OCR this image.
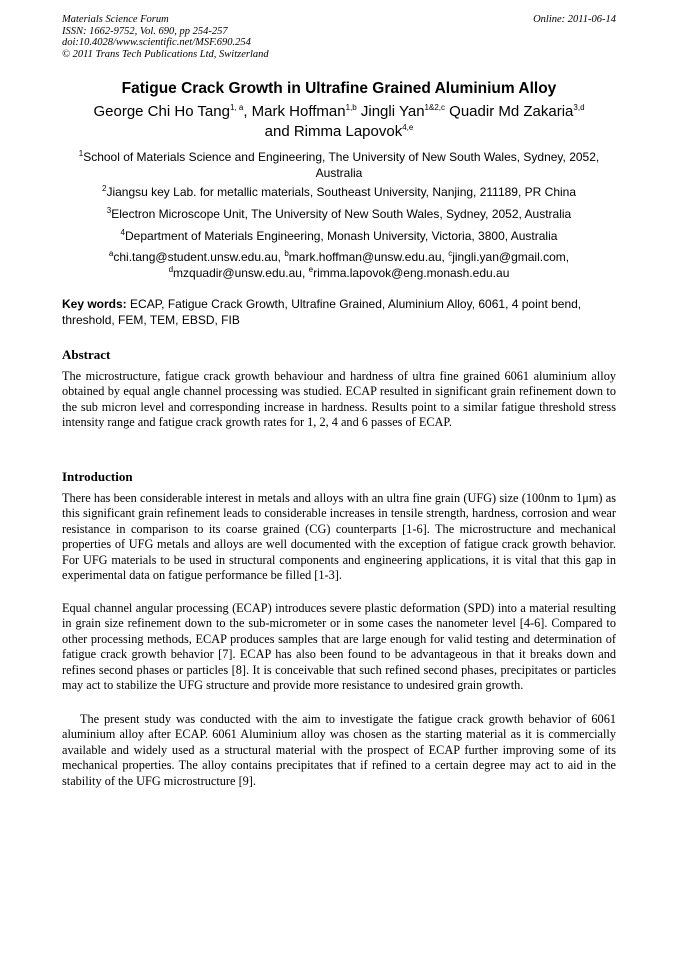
Materials Science Forum
ISSN: 1662-9752, Vol. 690, pp 254-257
doi:10.4028/www.scientific.net/MSF.690.254
© 2011 Trans Tech Publications Ltd, Switzerland
Online: 2011-06-14
Fatigue Crack Growth in Ultrafine Grained Aluminium Alloy
George Chi Ho Tang$^{1, a}$, Mark Hoffman$^{1,b}$ Jingli Yan$^{1\&2,c}$ Quadir Md Zakaria$^{3,d}$
and Rimma Lapovok$^{4,e}$
$^1$School of Materials Science and Engineering, The University of New South Wales, Sydney, 2052, Australia
$^2$Jiangsu key Lab. for metallic materials, Southeast University, Nanjing, 211189, PR China
$^3$Electron Microscope Unit, The University of New South Wales, Sydney, 2052, Australia
$^4$Department of Materials Engineering, Monash University, Victoria, 3800, Australia
$^a$chi.tang@student.unsw.edu.au, $^b$mark.hoffman@unsw.edu.au, $^c$jingli.yan@gmail.com, $^d$mzquadir@unsw.edu.au, $^e$rimma.lapovok@eng.monash.edu.au
Key words: ECAP, Fatigue Crack Growth, Ultrafine Grained, Aluminium Alloy, 6061, 4 point bend, threshold, FEM, TEM, EBSD, FIB
Abstract
The microstructure, fatigue crack growth behaviour and hardness of ultra fine grained 6061 aluminium alloy obtained by equal angle channel processing was studied. ECAP resulted in significant grain refinement down to the sub micron level and corresponding increase in hardness. Results point to a similar fatigue threshold stress intensity range and fatigue crack growth rates for 1, 2, 4 and 6 passes of ECAP.
Introduction
There has been considerable interest in metals and alloys with an ultra fine grain (UFG) size (100nm to 1μm) as this significant grain refinement leads to considerable increases in tensile strength, hardness, corrosion and wear resistance in comparison to its coarse grained (CG) counterparts [1-6]. The microstructure and mechanical properties of UFG metals and alloys are well documented with the exception of fatigue crack growth behavior. For UFG materials to be used in structural components and engineering applications, it is vital that this gap in experimental data on fatigue performance be filled [1-3].
Equal channel angular processing (ECAP) introduces severe plastic deformation (SPD) into a material resulting in grain size refinement down to the sub-micrometer or in some cases the nanometer level [4-6]. Compared to other processing methods, ECAP produces samples that are large enough for valid testing and determination of fatigue crack growth behavior [7]. ECAP has also been found to be advantageous in that it breaks down and refines second phases or particles [8]. It is conceivable that such refined second phases, precipitates or particles may act to stabilize the UFG structure and provide more resistance to undesired grain growth.
The present study was conducted with the aim to investigate the fatigue crack growth behavior of 6061 aluminium alloy after ECAP. 6061 Aluminium alloy was chosen as the starting material as it is commercially available and widely used as a structural material with the prospect of ECAP further improving some of its mechanical properties. The alloy contains precipitates that if refined to a certain degree may act to aid in the stability of the UFG microstructure [9].
